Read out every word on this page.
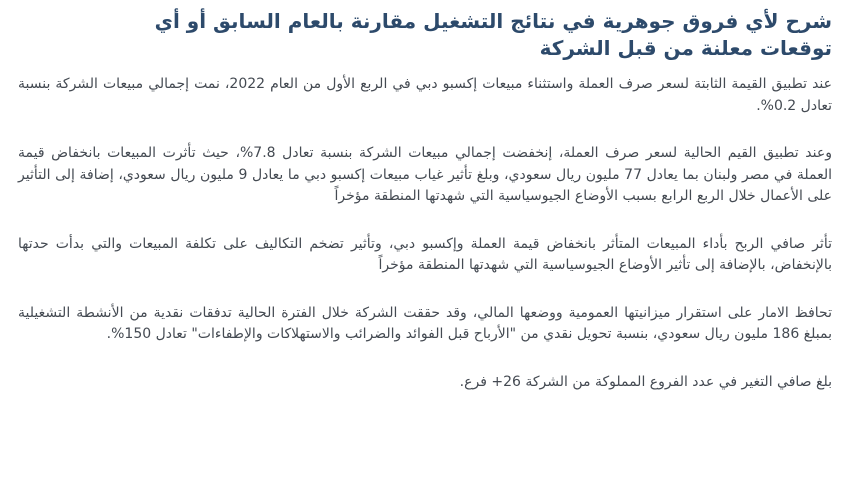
شرح لأي فروق جوهرية في نتائج التشغيل مقارنة بالعام السابق أو أي
توقعات معلنة من قبل الشركة

عند تطبيق القيمة الثابتة لسعر صرف العملة واستثناء مبيعات إكسبو دبي في الربع الأول من العام 2022، نمت إجمالي مبيعات الشركة بنسبة تعادل 0.2%.

وعند تطبيق القيم الحالية لسعر صرف العملة، إنخفضت إجمالي مبيعات الشركة بنسبة تعادل 7.8%، حيث تأثرت المبيعات بانخفاض قيمة العملة في مصر ولبنان بما يعادل 77 مليون ريال سعودي، وبلغ تأثير غياب مبيعات إكسبو دبي ما يعادل 9 مليون ريال سعودي، إضافة إلى التأثير على الأعمال خلال الربع الرابع بسبب الأوضاع الجيوسياسية التي شهدتها المنطقة مؤخراً

تأثر صافي الربح بأداء المبيعات المتأثر بانخفاض قيمة العملة وإكسبو دبي، وتأثير تضخم التكاليف على تكلفة المبيعات والتي بدأت حدتها بالإنخفاض، بالإضافة إلى تأثير الأوضاع الجيوسياسية التي شهدتها المنطقة مؤخراً

تحافظ الامار على استقرار ميزانيتها العمومية ووضعها المالي، وقد حققت الشركة خلال الفترة الحالية تدفقات نقدية من الأنشطة التشغيلية بمبلغ 186 مليون ريال سعودي، بنسبة تحويل نقدي من "الأرباح قبل الفوائد والضرائب والاستهلاكات والإطفاءات" تعادل 150%.

بلغ صافي التغير في عدد الفروع المملوكة من الشركة 26+ فرع.
